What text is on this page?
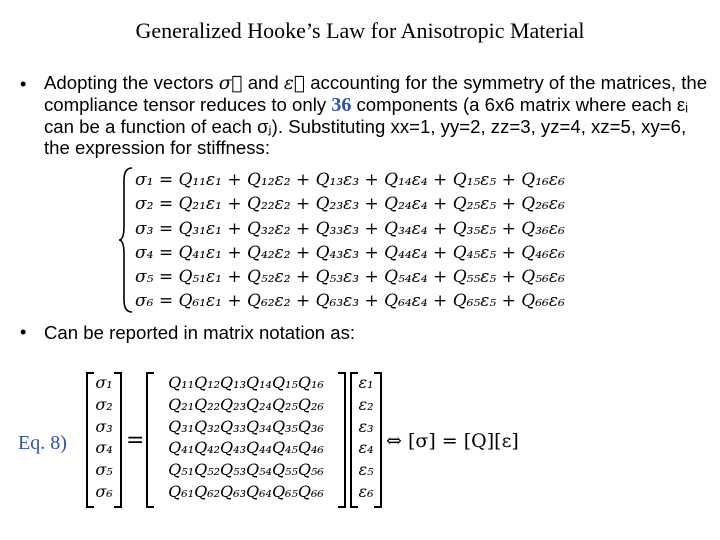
Generalized Hooke’s Law for Anisotropic Material
• Adopting the vectors σ⃗ and ε⃗ accounting for the symmetry of the matrices, the compliance tensor reduces to only 36 components (a 6x6 matrix where each εᵢ can be a function of each σⱼ). Substituting xx=1, yy=2, zz=3, yz=4, xz=5, xy=6, the expression for stiffness:
σ₁ = Q₁₁ε₁ + Q₁₂ε₂ + Q₁₃ε₃ + Q₁₄ε₄ + Q₁₅ε₅ + Q₁₆ε₆
σ₂ = Q₂₁ε₁ + Q₂₂ε₂ + Q₂₃ε₃ + Q₂₄ε₄ + Q₂₅ε₅ + Q₂₆ε₆
σ₃ = Q₃₁ε₁ + Q₃₂ε₂ + Q₃₃ε₃ + Q₃₄ε₄ + Q₃₅ε₅ + Q₃₆ε₆
σ₄ = Q₄₁ε₁ + Q₄₂ε₂ + Q₄₃ε₃ + Q₄₄ε₄ + Q₄₅ε₅ + Q₄₆ε₆
σ₅ = Q₅₁ε₁ + Q₅₂ε₂ + Q₅₃ε₃ + Q₅₄ε₄ + Q₅₅ε₅ + Q₅₆ε₆
σ₆ = Q₆₁ε₁ + Q₆₂ε₂ + Q₆₃ε₃ + Q₆₄ε₄ + Q₆₅ε₅ + Q₆₆ε₆
• Can be reported in matrix notation as:
Eq. 8)
σ₁
σ₂
σ₃
σ₄
σ₅
σ₆
=
Q₁₁Q₁₂Q₁₃Q₁₄Q₁₅Q₁₆
Q₂₁Q₂₂Q₂₃Q₂₄Q₂₅Q₂₆
Q₃₁Q₃₂Q₃₃Q₃₄Q₃₅Q₃₆
Q₄₁Q₄₂Q₄₃Q₄₄Q₄₅Q₄₆
Q₅₁Q₅₂Q₅₃Q₅₄Q₅₅Q₅₆
Q₆₁Q₆₂Q₆₃Q₆₄Q₆₅Q₆₆
ε₁
ε₂
ε₃
ε₄
ε₅
ε₆
⇔ [σ] = [Q][ε]
